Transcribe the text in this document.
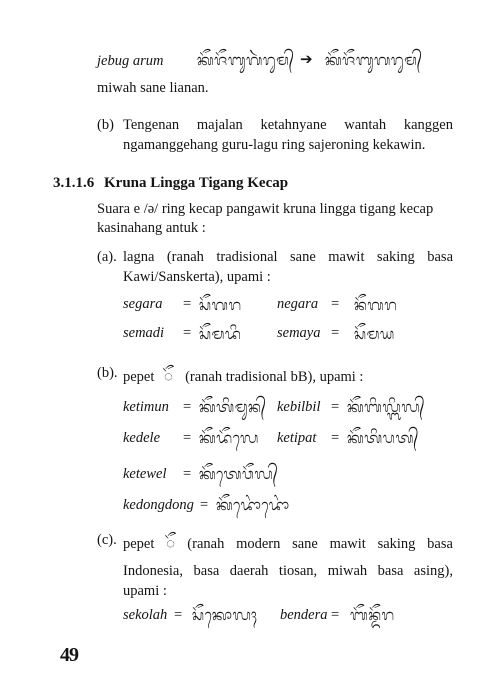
jebug arum ᬓᭂᬚᭂᬩᬸᬕᬃᬭᬸᬫ᭄ ➔ ᬓᭂᬚᭂᬩᬸᬕᬭᬸᬫ᭄
miwah sane lianan.
(b) Tengenan majalan ketahnyane wantah kanggen
ngamanggehang guru-lagu ring sajeroning kekawin.
3.1.1.6 Kruna Lingga Tigang Kecap
Suara e /ə/ ring kecap pangawit kruna lingga tigang kecap
kasinahang antuk :
(a). lagna (ranah tradisional sane mawit saking basa
Kawi/Sanskerta), upami :
segara = ᬲᭂᬕᬭ negara = ᬦᭂᬕᬭ
semadi = ᬲᭂᬫᬤᬶ semaya = ᬲᭂᬫᬬ
(b). pepet ᭂ (ranah tradisional bB), upami :
ketimun = ᬓᭂᬢᬶᬫᬸᬦ᭄ kebilbil = ᬓᭂᬩᬶᬮ᭄ᬩᬶᬮ᭄
kedele = ᬓᭂᬤᭂᬮᬾ ketipat = ᬓᭂᬢᬶᬧᬢ᭄
ketewel = ᬓᭂᬢᬾᬯᭂᬮ᭄
kedongdong = ᬓᭂᬤᭀᬂᬤᭀᬂ
(c). pepet ᭂ (ranah modern sane mawit saking basa
Indonesia, basa daerah tiosan, miwah basa asing),
upami :
sekolah = ᬲᭂᬓᭀᬮᬄ bendera = ᬩᭂᬦ᭄ᬤᭂᬭ
49
